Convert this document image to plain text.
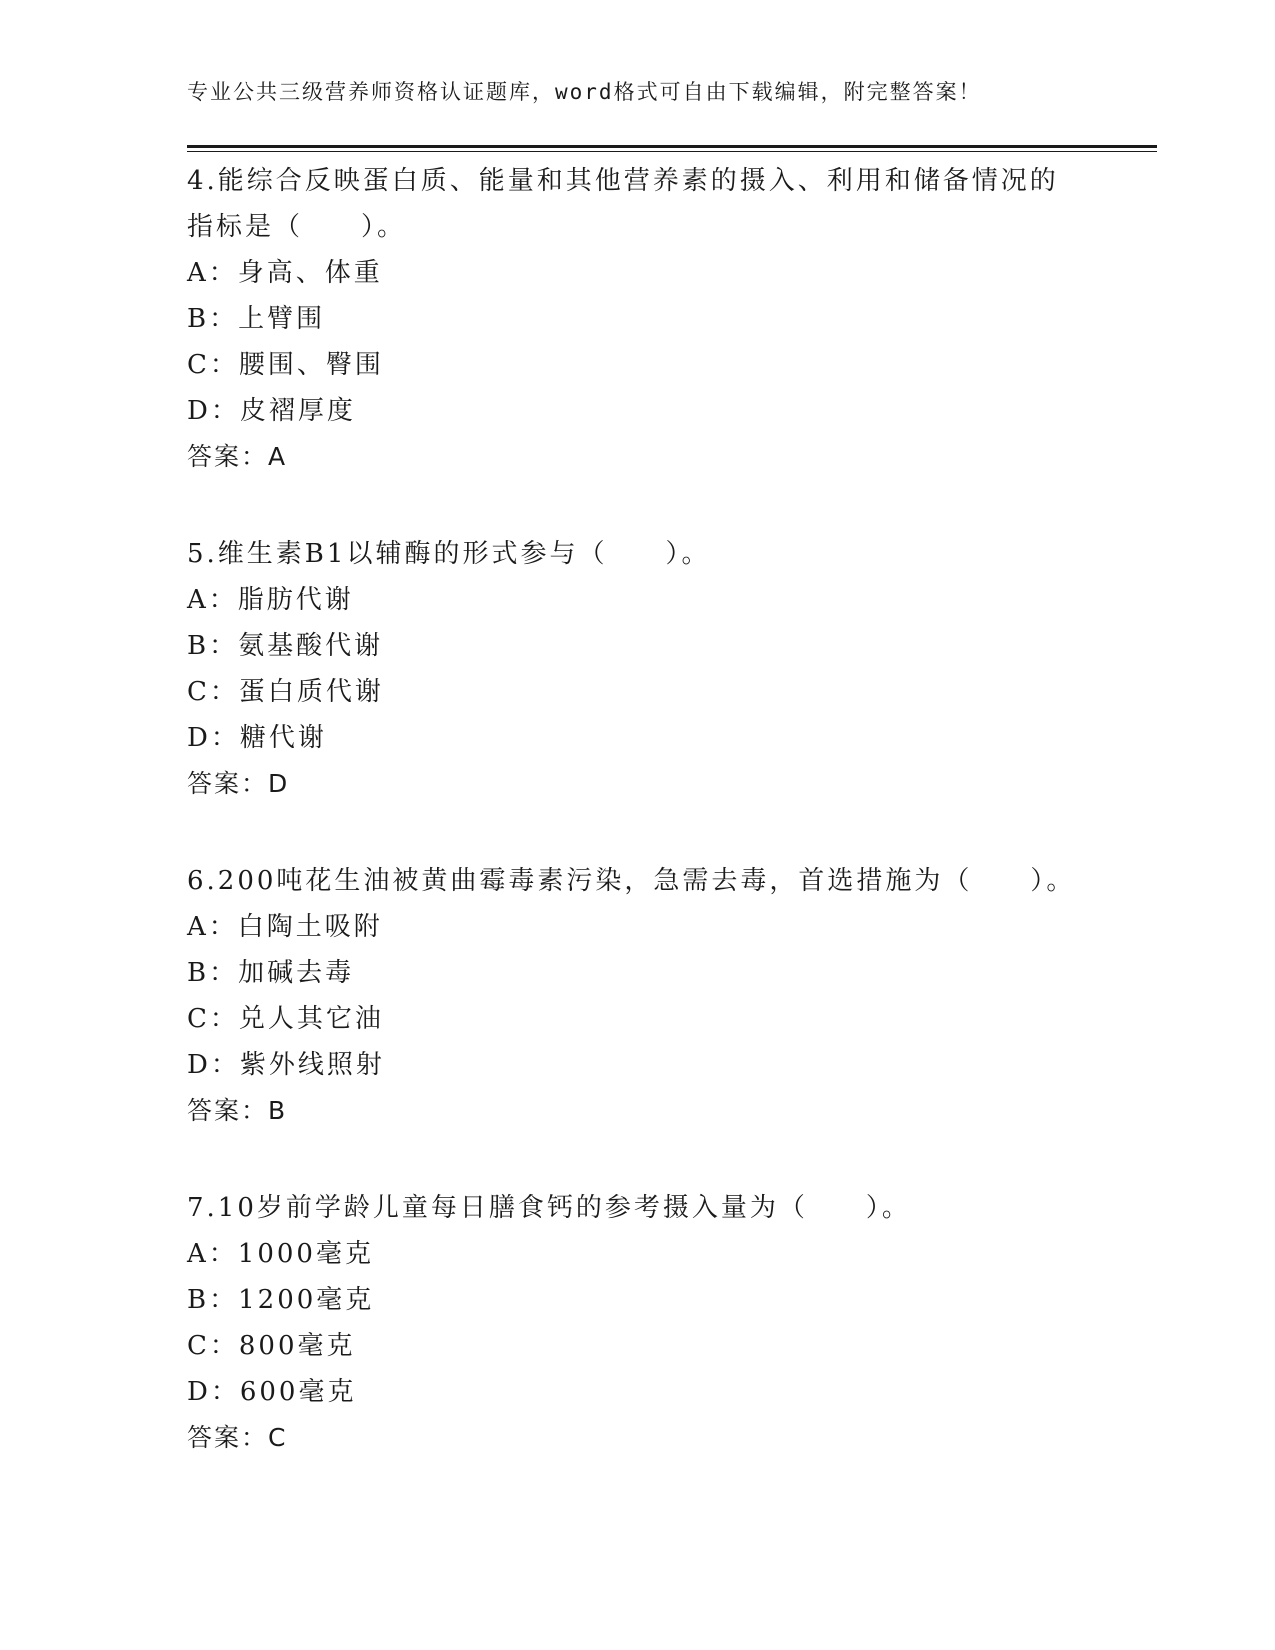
专业公共三级营养师资格认证题库，word格式可自由下载编辑，附完整答案！
4.能综合反映蛋白质、能量和其他营养素的摄入、利用和储备情况的
指标是（　　）。
A：身高、体重
B：上臂围
C：腰围、臀围
D：皮褶厚度
答案：A
5.维生素B1以辅酶的形式参与（　　）。
A：脂肪代谢
B：氨基酸代谢
C：蛋白质代谢
D：糖代谢
答案：D
6.200吨花生油被黄曲霉毒素污染，急需去毒，首选措施为（　　）。
A：白陶土吸附
B：加碱去毒
C：兑人其它油
D：紫外线照射
答案：B
7.10岁前学龄儿童每日膳食钙的参考摄入量为（　　）。
A：1000毫克
B：1200毫克
C：800毫克
D：600毫克
答案：C
